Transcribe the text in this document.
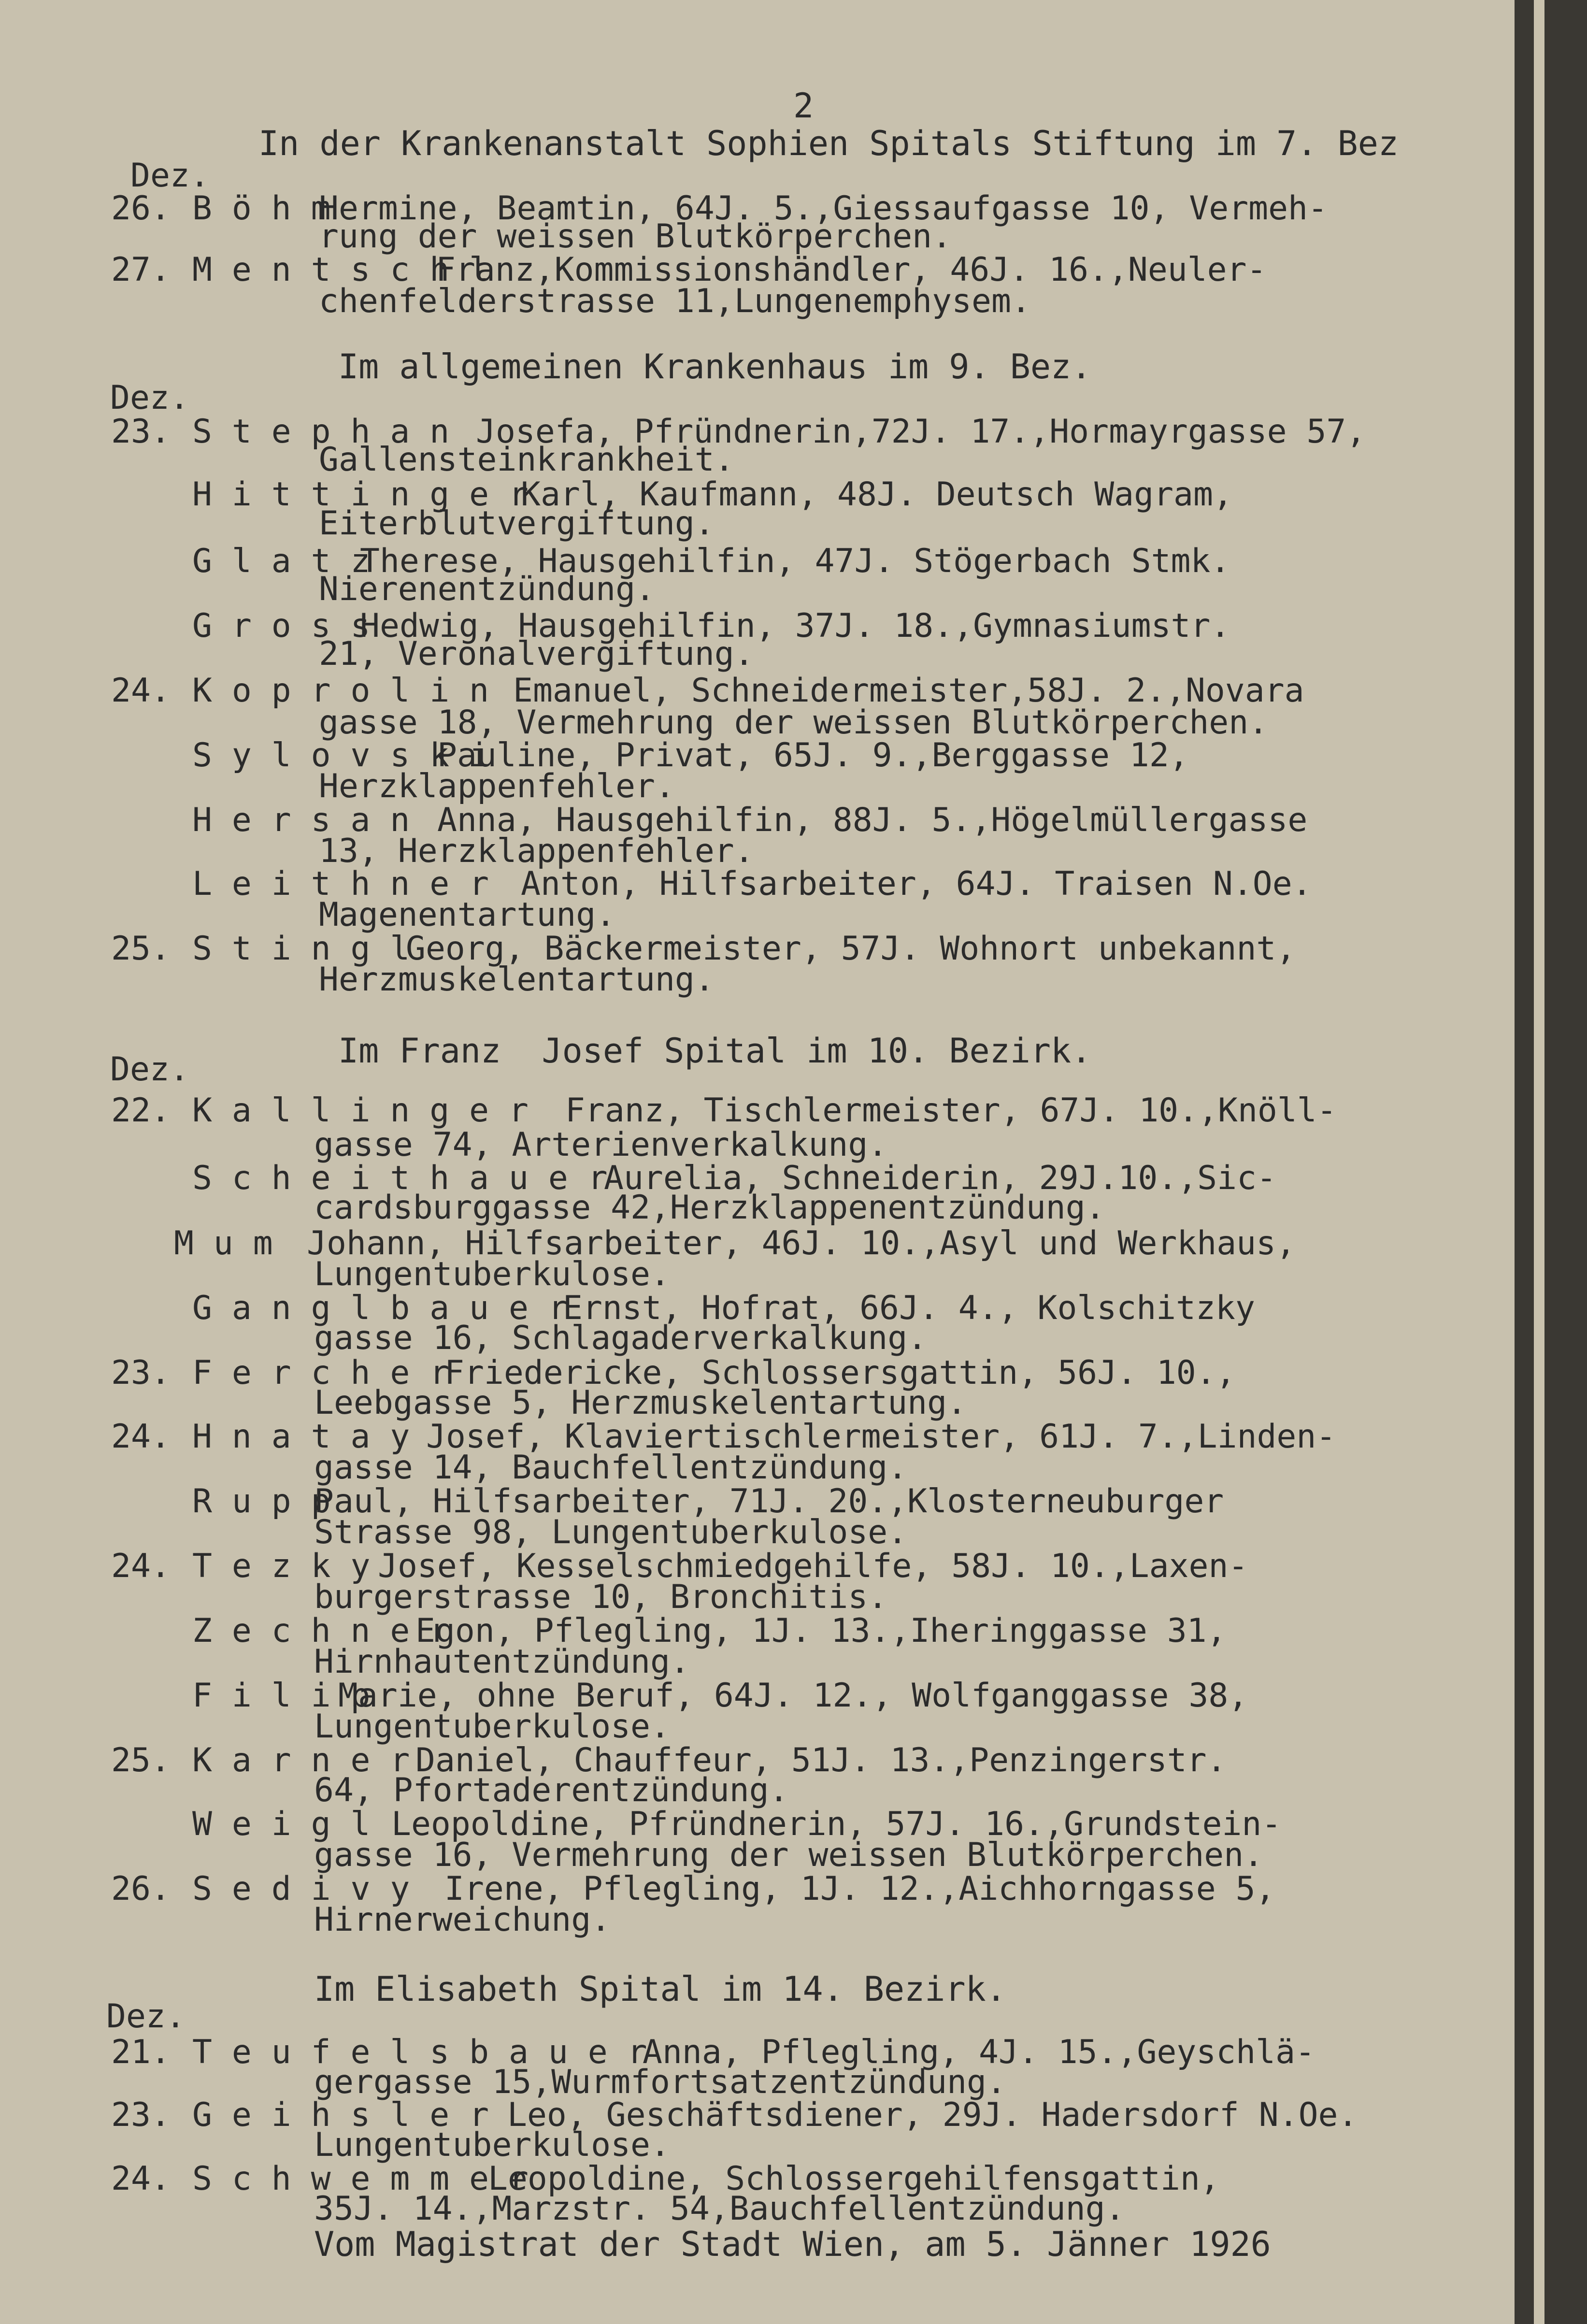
2
In der Krankenanstalt Sophien Spitals Stiftung im 7. Bez
Dez.
26. B ö h m
Hermine, Beamtin, 64J. 5.,Giessaufgasse 10, Vermeh-
rung der weissen Blutkörperchen.
27. M e n t s c h l
Franz,Kommissionshändler, 46J. 16.,Neuler-
chenfelderstrasse 11,Lungenemphysem.
Im allgemeinen Krankenhaus im 9. Bez.
Dez.
23. S t e p h a n Josefa, Pfründnerin,72J. 17.,Hormayrgasse 57,
Gallensteinkrankheit.
H i t t i n g e r
Karl, Kaufmann, 48J. Deutsch Wagram,
Eiterblutvergiftung.
G l a t z
Therese, Hausgehilfin, 47J. Stögerbach Stmk.
Nierenentzündung.
G r o s s
Hedwig, Hausgehilfin, 37J. 18.,Gymnasiumstr.
21, Veronalvergiftung.
24. K o p r o l i n Emanuel, Schneidermeister,58J. 2.,Novara
gasse 18, Vermehrung der weissen Blutkörperchen.
S y l o v s k i
Pauline, Privat, 65J. 9.,Berggasse 12,
Herzklappenfehler.
H e r s a n Anna, Hausgehilfin, 88J. 5.,Högelmüllergasse
13, Herzklappenfehler.
L e i t h n e r Anton, Hilfsarbeiter, 64J. Traisen N.Oe.
Magenentartung.
25. S t i n g l
Georg, Bäckermeister, 57J. Wohnort unbekannt,
Herzmuskelentartung.
Im Franz  Josef Spital im 10. Bezirk.
Dez.
22. K a l l i n g e r Franz, Tischlermeister, 67J. 10.,Knöll-
gasse 74, Arterienverkalkung.
S c h e i t h a u e r
Aurelia, Schneiderin, 29J.10.,Sic-
cardsburggasse 42,Herzklappenentzündung.
M u m Johann, Hilfsarbeiter, 46J. 10.,Asyl und Werkhaus,
Lungentuberkulose.
G a n g l b a u e r
Ernst, Hofrat, 66J. 4., Kolschitzky
gasse 16, Schlagaderverkalkung.
23. F e r c h e r
Friedericke, Schlossersgattin, 56J. 10.,
Leebgasse 5, Herzmuskelentartung.
24. H n a t a y Josef, Klaviertischlermeister, 61J. 7.,Linden-
gasse 14, Bauchfellentzündung.
R u p p
Paul, Hilfsarbeiter, 71J. 20.,Klosterneuburger
Strasse 98, Lungentuberkulose.
24. T e z k y Josef, Kesselschmiedgehilfe, 58J. 10.,Laxen-
burgerstrasse 10, Bronchitis.
Z e c h n e r
Egon, Pflegling, 1J. 13.,Iheringgasse 31,
Hirnhautentzündung.
F i l i p
Marie, ohne Beruf, 64J. 12., Wolfganggasse 38,
Lungentuberkulose.
25. K a r n e r Daniel, Chauffeur, 51J. 13.,Penzingerstr.
64, Pfortaderentzündung.
W e i g l Leopoldine, Pfründnerin, 57J. 16.,Grundstein-
gasse 16, Vermehrung der weissen Blutkörperchen.
26. S e d i v y Irene, Pflegling, 1J. 12.,Aichhorngasse 5,
Hirnerweichung.
Im Elisabeth Spital im 14. Bezirk.
Dez.
21. T e u f e l s b a u e r
Anna, Pflegling, 4J. 15.,Geyschlä-
gergasse 15,Wurmfortsatzentzündung.
23. G e i h s l e r Leo, Geschäftsdiener, 29J. Hadersdorf N.Oe.
Lungentuberkulose.
24. S c h w e m m e r
Leopoldine, Schlossergehilfensgattin,
35J. 14.,Marzstr. 54,Bauchfellentzündung.
Vom Magistrat der Stadt Wien, am 5. Jänner 1926
